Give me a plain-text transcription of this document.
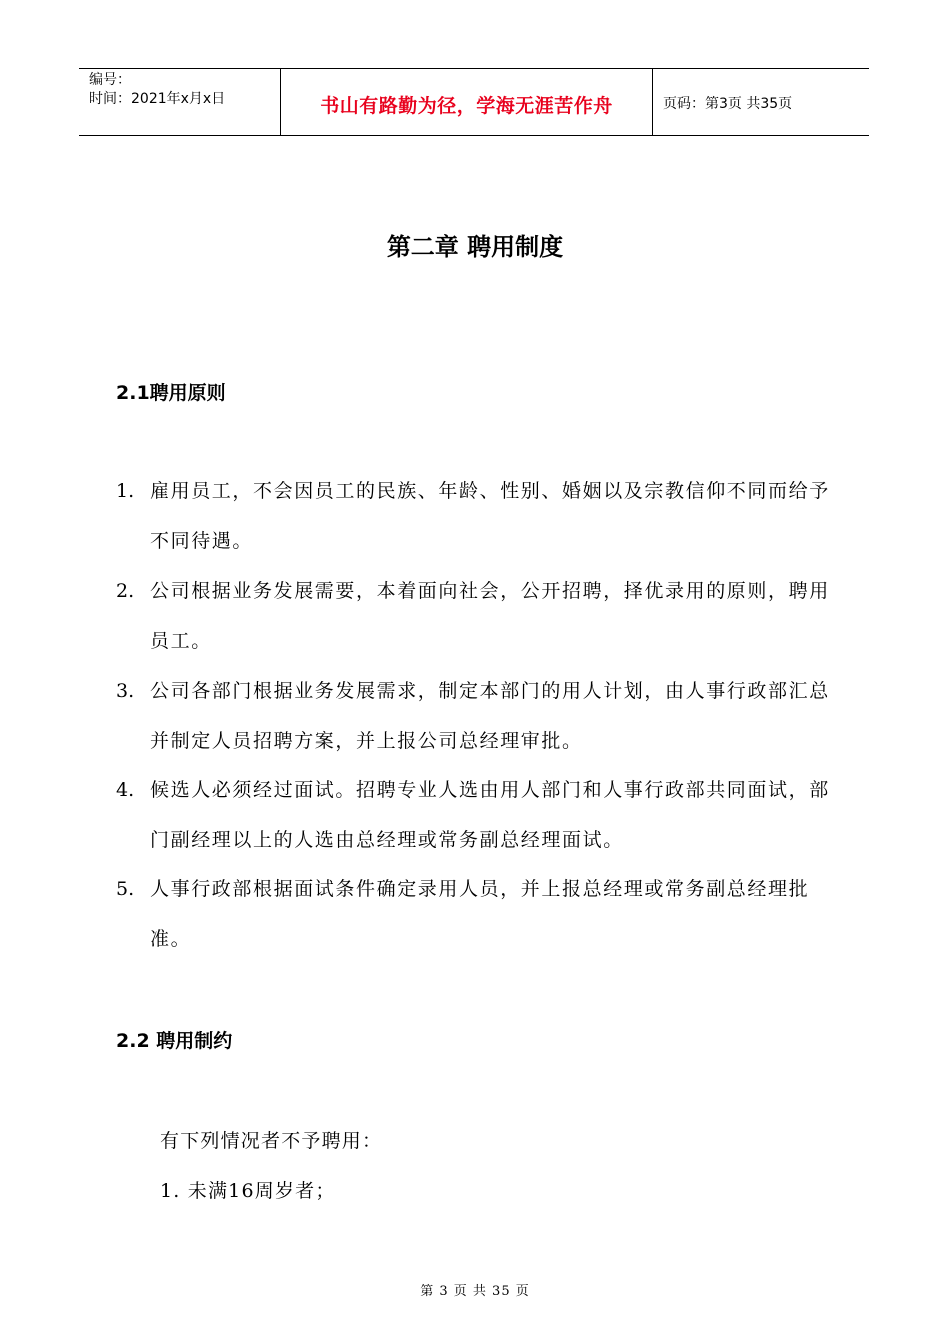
编号：
时间：2021年x月x日	书山有路勤为径，学海无涯苦作舟	页码：第3页 共35页
第二章 聘用制度
2.1聘用原则
1. 雇用员工，不会因员工的民族、年龄、性别、婚姻以及宗教信仰不同而给予不同待遇。
2. 公司根据业务发展需要，本着面向社会，公开招聘，择优录用的原则，聘用员工。
3. 公司各部门根据业务发展需求，制定本部门的用人计划，由人事行政部汇总并制定人员招聘方案，并上报公司总经理审批。
4. 候选人必须经过面试。招聘专业人选由用人部门和人事行政部共同面试，部门副经理以上的人选由总经理或常务副总经理面试。
5. 人事行政部根据面试条件确定录用人员，并上报总经理或常务副总经理批准。
2.2 聘用制约
有下列情况者不予聘用：
1. 未满16周岁者；
第 3 页 共 35 页
